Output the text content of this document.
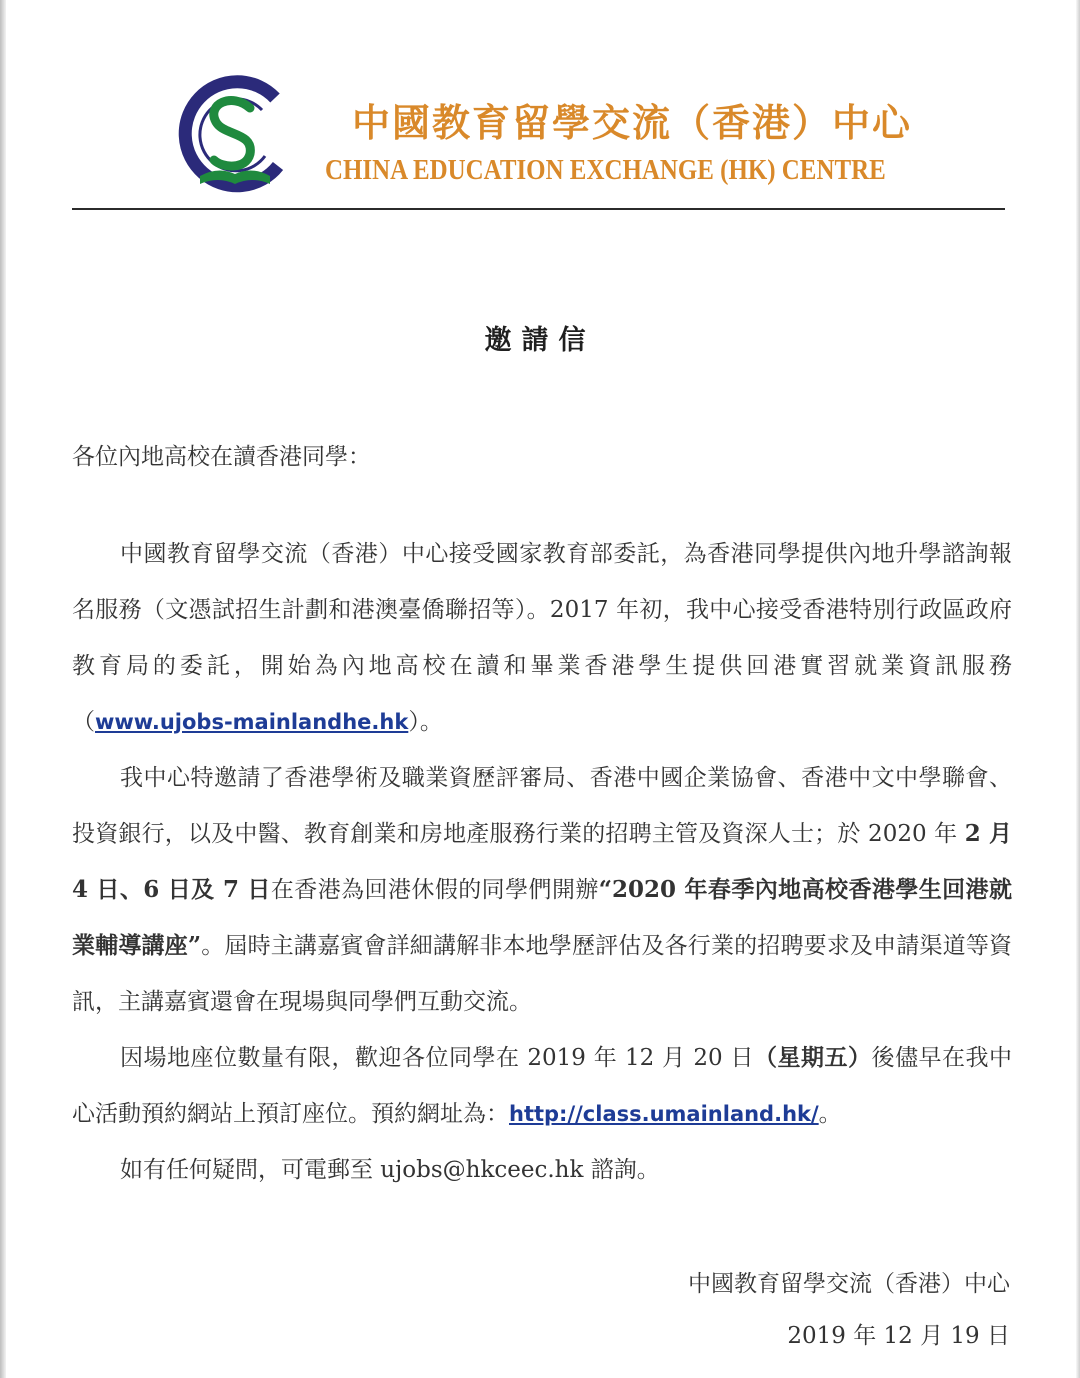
中國教育留學交流（香港）中心
CHINA EDUCATION EXCHANGE (HK) CENTRE
邀請信
各位內地高校在讀香港同學：

中國教育留學交流（香港）中心接受國家教育部委託，為香港同學提供內地升學諮詢報名服務（文憑試招生計劃和港澳臺僑聯招等）。2017 年初，我中心接受香港特別行政區政府教育局的委託，開始為內地高校在讀和畢業香港學生提供回港實習就業資訊服務（www.ujobs-mainlandhe.hk）。

我中心特邀請了香港學術及職業資歷評審局、香港中國企業協會、香港中文中學聯會、投資銀行，以及中醫、教育創業和房地產服務行業的招聘主管及資深人士；於 2020 年 2 月 4 日、6 日及 7 日在香港為回港休假的同學們開辦“2020 年春季內地高校香港學生回港就業輔導講座”。屆時主講嘉賓會詳細講解非本地學歷評估及各行業的招聘要求及申請渠道等資訊，主講嘉賓還會在現場與同學們互動交流。

因場地座位數量有限，歡迎各位同學在 2019 年 12 月 20 日（星期五）後儘早在我中心活動預約網站上預訂座位。預約網址為：http://class.umainland.hk/。

如有任何疑問，可電郵至 ujobs@hkceec.hk 諮詢。

中國教育留學交流（香港）中心
2019 年 12 月 19 日
